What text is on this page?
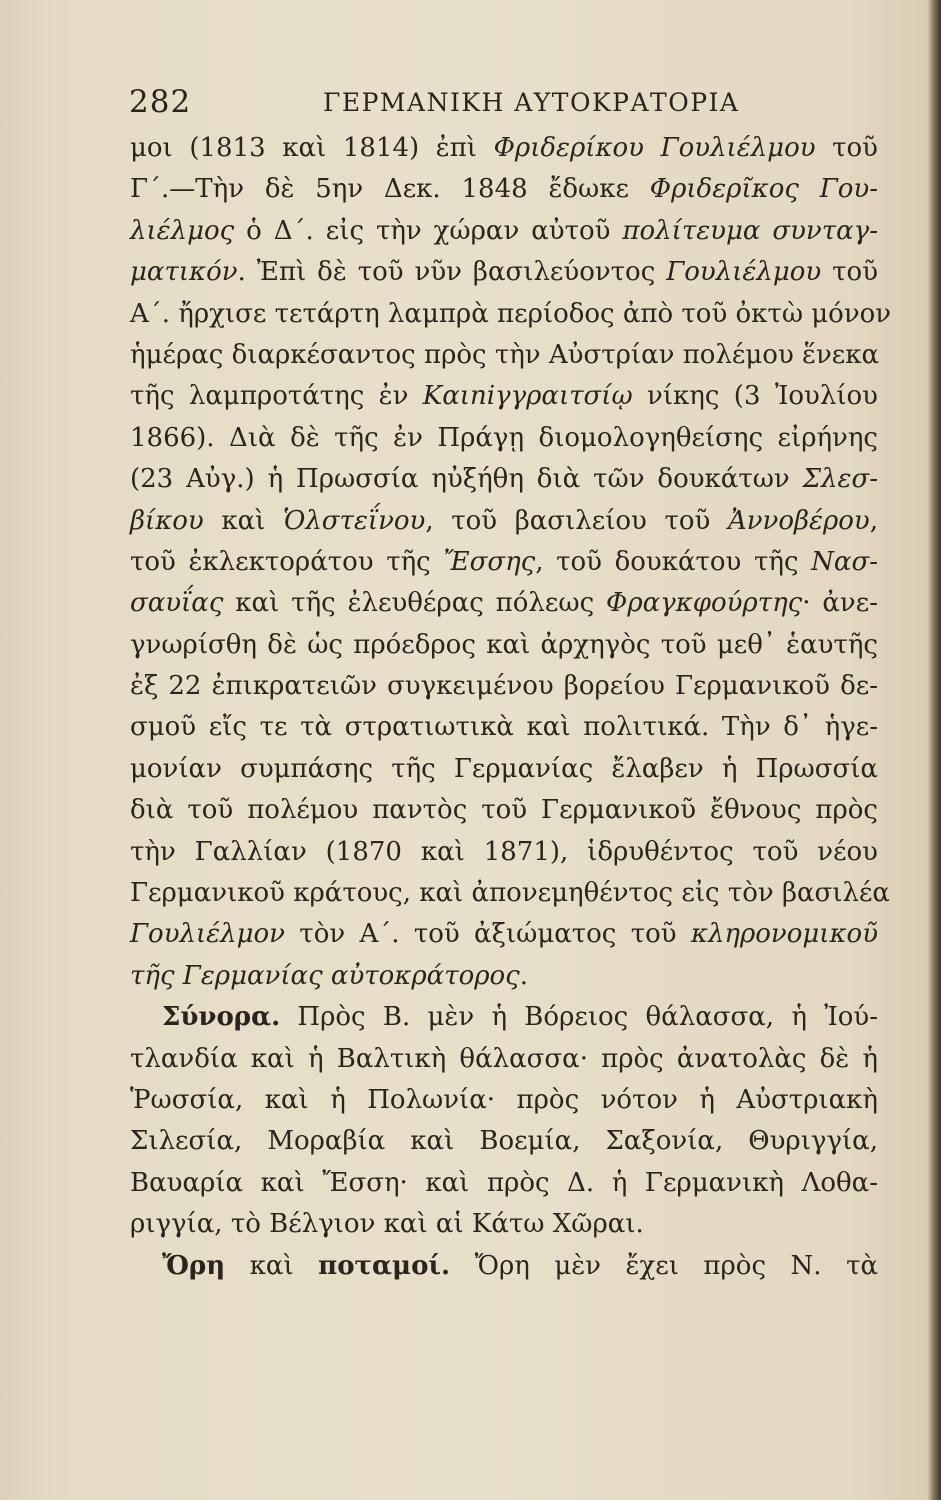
282	ΓΕΡΜΑΝΙΚΗ ΑΥΤΟΚΡΑΤΟΡΙΑ
μοι (1813 καὶ 1814) ἐπὶ Φριδερίκου Γουλιέλμου τοῦ
Γ΄.—Τὴν δὲ 5ην Δεκ. 1848 ἔδωκε Φριδερῖκος Γου-
λιέλμος ὁ Δ΄. εἰς τὴν χώραν αὐτοῦ πολίτευμα συνταγ-
ματικόν. Ἐπὶ δὲ τοῦ νῦν βασιλεύοντος Γουλιέλμου τοῦ
Α΄. ἤρχισε τετάρτη λαμπρὰ περίοδος ἀπὸ τοῦ ὀκτὼ μόνον
ἡμέρας διαρκέσαντος πρὸς τὴν Αὐστρίαν πολέμου ἕνεκα
τῆς λαμπροτάτης ἐν Καιniγγραιτσίῳ νίκης (3 Ἰουλίου
1866). Διὰ δὲ τῆς ἐν Πράγῃ διομολογηθείσης εἰρήνης
(23 Αὐγ.) ἡ Πρωσσία ηὐξήθη διὰ τῶν δουκάτων Σλεσ-
βίκου καὶ Ὁλστεΐνου, τοῦ βασιλείου τοῦ Ἀννοβέρου,
τοῦ ἐκλεκτοράτου τῆς Ἔσσης, τοῦ δουκάτου τῆς Νασ-
σαυΐας καὶ τῆς ἐλευθέρας πόλεως Φραγκφούρτης· ἀνε-
γνωρίσθη δὲ ὡς πρόεδρος καὶ ἀρχηγὸς τοῦ μεθ᾽ ἑαυτῆς
ἐξ 22 ἐπικρατειῶν συγκειμένου βορείου Γερμανικοῦ δε-
σμοῦ εἴς τε τὰ στρατιωτικὰ καὶ πολιτικά. Τὴν δ᾽ ἡγε-
μονίαν συμπάσης τῆς Γερμανίας ἔλαβεν ἡ Πρωσσία
διὰ τοῦ πολέμου παντὸς τοῦ Γερμανικοῦ ἔθνους πρὸς
τὴν Γαλλίαν (1870 καὶ 1871), ἱδρυθέντος τοῦ νέου
Γερμανικοῦ κράτους, καὶ ἀπονεμηθέντος εἰς τὸν βασιλέα
Γουλιέλμον τὸν Α΄. τοῦ ἀξιώματος τοῦ κληρονομικοῦ
τῆς Γερμανίας αὐτοκράτορος.
Σύνορα. Πρὸς Β. μὲν ἡ Βόρειος θάλασσα, ἡ Ἰού-
τλανδία καὶ ἡ Βαλτικὴ θάλασσα· πρὸς ἀνατολὰς δὲ ἡ
Ῥωσσία, καὶ ἡ Πολωνία· πρὸς νότον ἡ Αὐστριακὴ
Σιλεσία, Μοραβία καὶ Βοεμία, Σαξονία, Θυριγγία,
Βαυαρία καὶ Ἔσση· καὶ πρὸς Δ. ἡ Γερμανικὴ Λοθα-
ριγγία, τὸ Βέλγιον καὶ αἱ Κάτω Χῶραι.
Ὄρη καὶ ποταμοί. Ὄρη μὲν ἔχει πρὸς Ν. τὰ
